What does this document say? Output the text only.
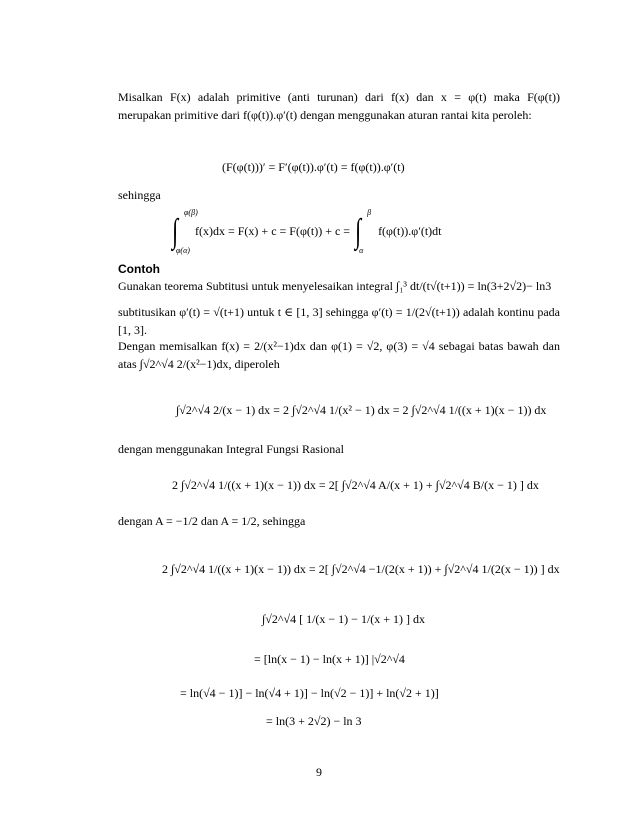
Misalkan F(x) adalah primitive (anti turunan) dari f(x) dan x = φ(t) maka F(φ(t)) merupakan primitive dari f(φ(t)).φ′(t) dengan menggunakan aturan rantai kita peroleh:
(F(φ(t)))′ = F′(φ(t)).φ′(t) = f(φ(t)).φ′(t)
sehingga
∫
φ(β)
φ(α)
f(x)dx = F(x) + c = F(φ(t)) + c = ∫
β
α
f(φ(t)).φ′(t)dt
Contoh
Gunakan teorema Subtitusi untuk menyelesaikan integral ∫₁³ dt/(t√(t+1)) = ln(3+2√2)− ln3
subtitusikan φ′(t) = √(t+1) untuk t ∈ [1, 3] sehingga φ′(t) = 1/(2√(t+1)) adalah kontinu pada [1, 3].
Dengan memisalkan f(x) = 2/(x²−1)dx dan φ(1) = √2, φ(3) = √4 sebagai batas bawah dan atas ∫√2^√4 2/(x²−1)dx, diperoleh
∫√2^√4 2/(x − 1) dx = 2 ∫√2^√4 1/(x² − 1) dx = 2 ∫√2^√4 1/((x + 1)(x − 1)) dx
dengan menggunakan Integral Fungsi Rasional
2 ∫√2^√4 1/((x + 1)(x − 1)) dx = 2[ ∫√2^√4 A/(x + 1) + ∫√2^√4 B/(x − 1) ] dx
dengan A = −1/2 dan A = 1/2, sehingga
2 ∫√2^√4 1/((x + 1)(x − 1)) dx = 2[ ∫√2^√4 −1/(2(x + 1)) + ∫√2^√4 1/(2(x − 1)) ] dx
∫√2^√4 [ 1/(x − 1) − 1/(x + 1) ] dx
= [ln(x − 1) − ln(x + 1)] |√2^√4
= ln(√4 − 1)] − ln(√4 + 1)] − ln(√2 − 1)] + ln(√2 + 1)]
= ln(3 + 2√2) − ln 3
9
